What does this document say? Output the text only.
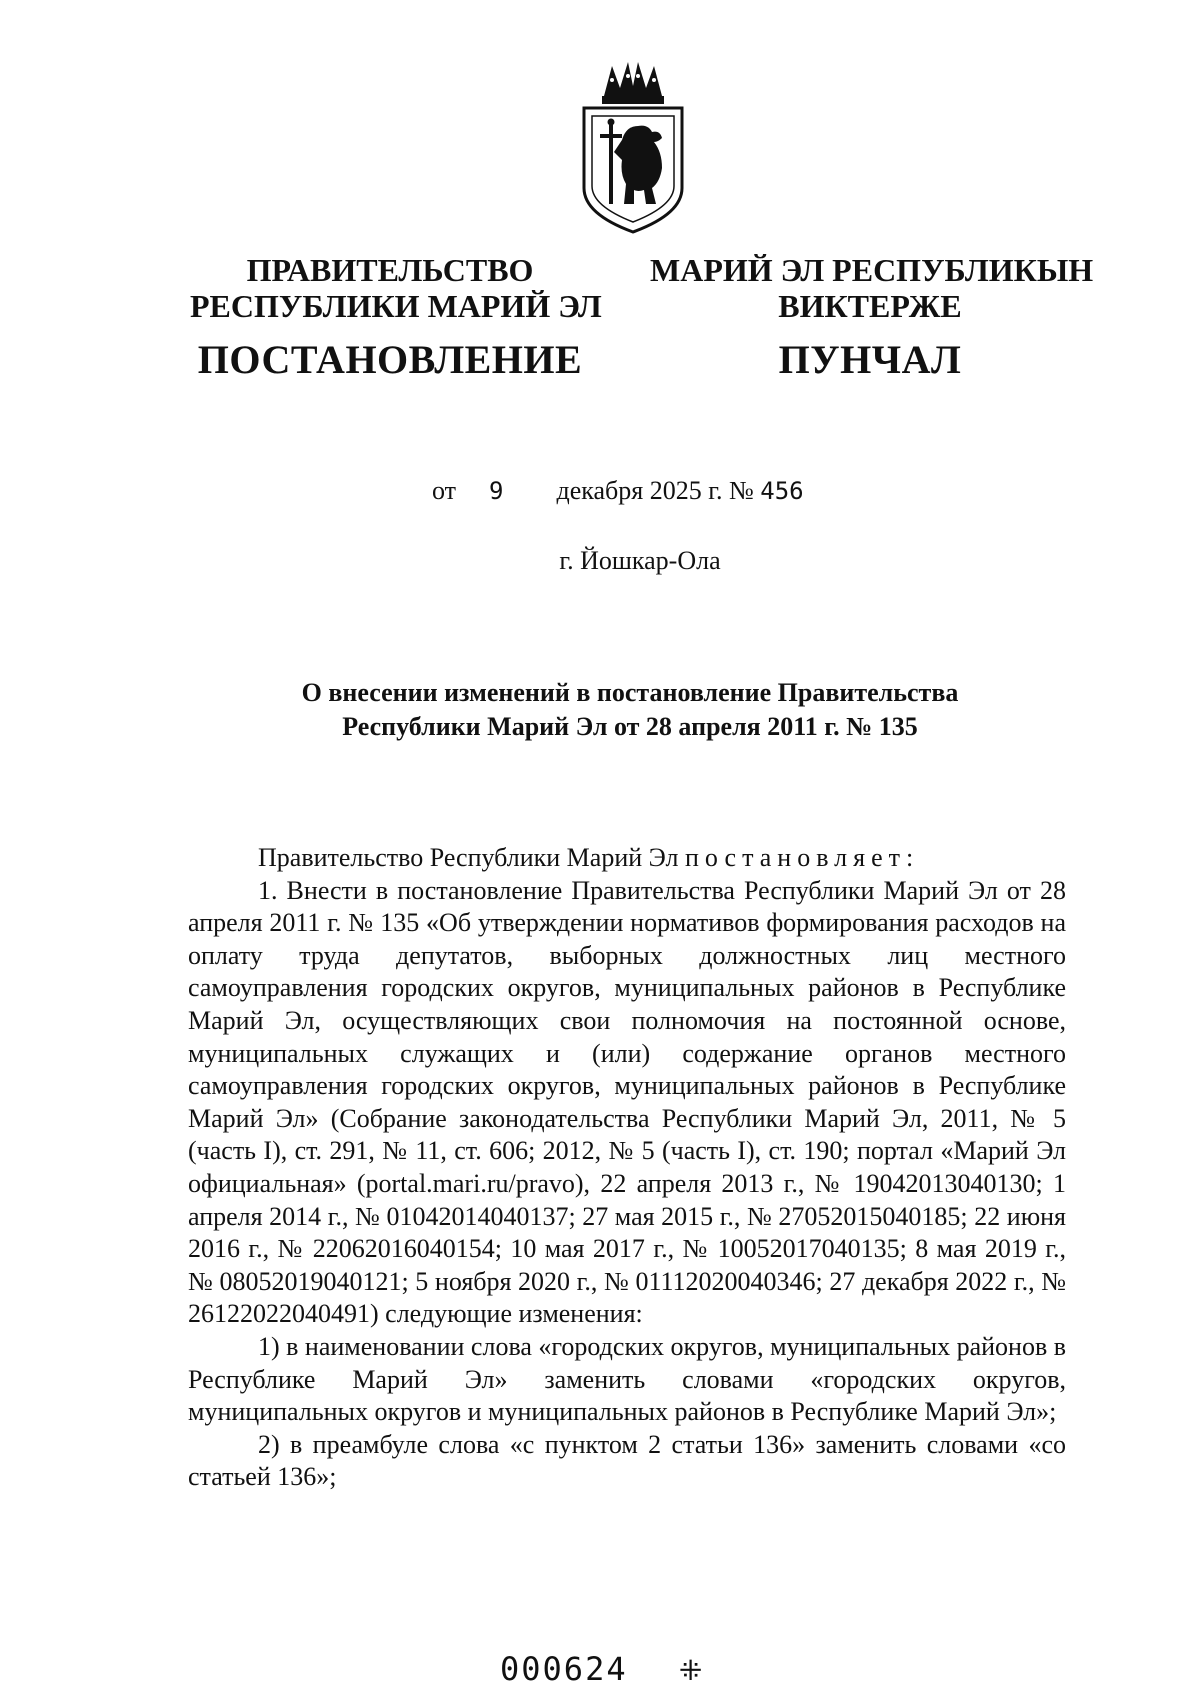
ПРАВИТЕЛЬСТВО
РЕСПУБЛИКИ МАРИЙ ЭЛ
ПОСТАНОВЛЕНИЕ
МАРИЙ ЭЛ РЕСПУБЛИКЫН
ВИКТЕРЖЕ
ПУНЧАЛ
от 9 декабря 2025 г. № 456
г. Йошкар-Ола
О внесении изменений в постановление Правительства
Республики Марий Эл от 28 апреля 2011 г. № 135

Правительство Республики Марий Эл постановляет:

1. Внести в постановление Правительства Республики Марий Эл от 28 апреля 2011 г. № 135 «Об утверждении нормативов формирования расходов на оплату труда депутатов, выборных должностных лиц местного самоуправления городских округов, муниципальных районов в Республике Марий Эл, осуществляющих свои полномочия на постоянной основе, муниципальных служащих и (или) содержание органов местного самоуправления городских округов, муниципальных районов в Республике Марий Эл» (Собрание законодательства Республики Марий Эл, 2011, № 5 (часть I), ст. 291, № 11, ст. 606; 2012, № 5 (часть I), ст. 190; портал «Марий Эл официальная» (portal.mari.ru/pravo), 22 апреля 2013 г., № 19042013040130; 1 апреля 2014 г., № 01042014040137; 27 мая 2015 г., № 27052015040185; 22 июня 2016 г., № 22062016040154; 10 мая 2017 г., № 10052017040135; 8 мая 2019 г., № 08052019040121; 5 ноября 2020 г., № 01112020040346; 27 декабря 2022 г., № 26122022040491) следующие изменения:

1) в наименовании слова «городских округов, муниципальных районов в Республике Марий Эл» заменить словами «городских округов, муниципальных округов и муниципальных районов в Республике Марий Эл»;

2) в преамбуле слова «с пунктом 2 статьи 136» заменить словами «со статьей 136»;

000624 ⁜
